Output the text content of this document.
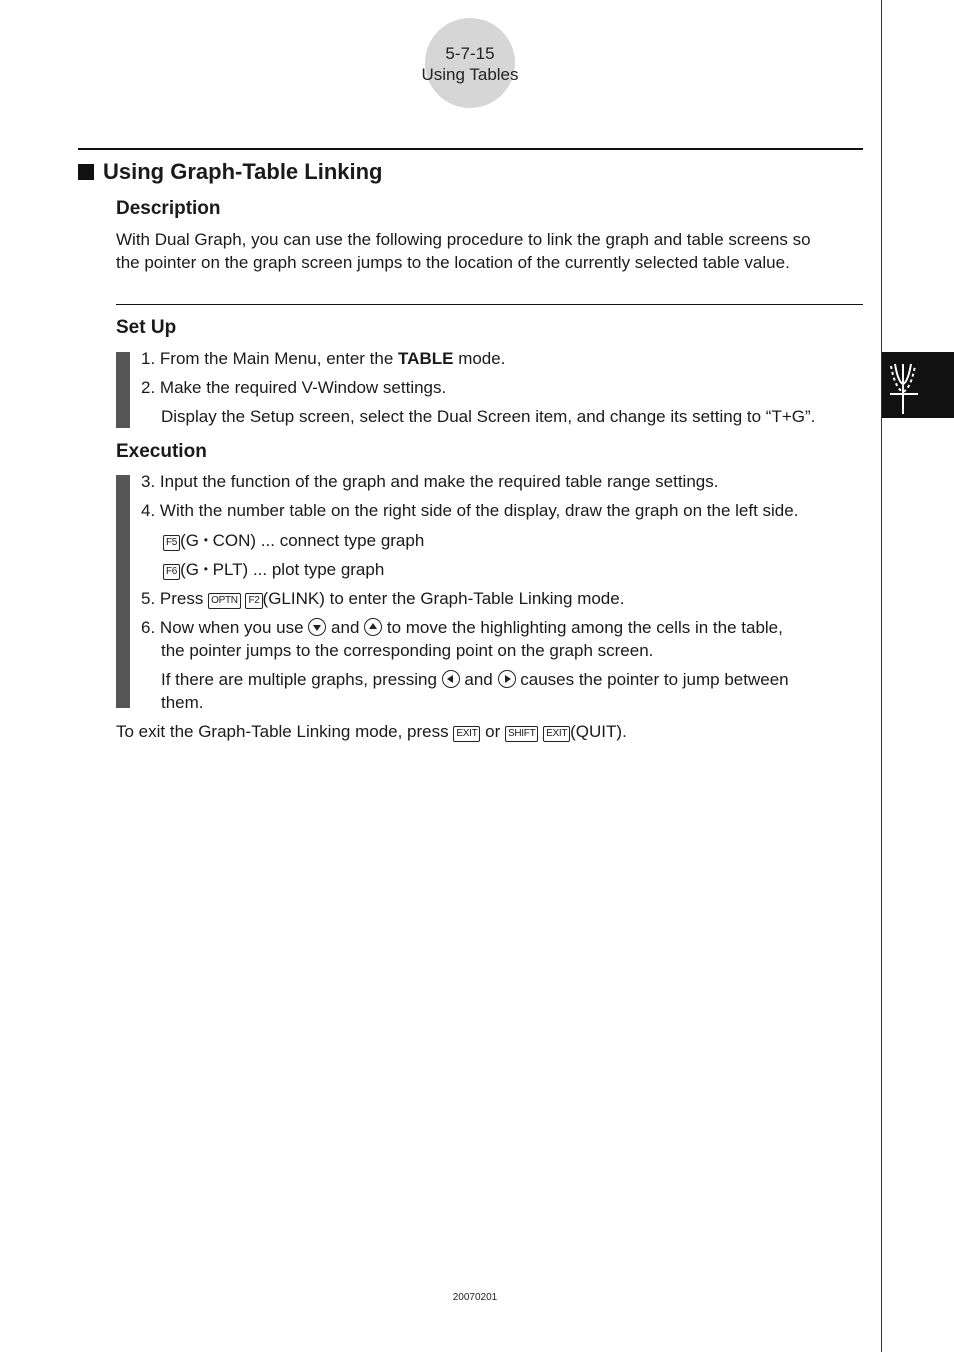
5-7-15
Using Tables
Using Graph-Table Linking
Description
With Dual Graph, you can use the following procedure to link the graph and table screens so
the pointer on the graph screen jumps to the location of the currently selected table value.
Set Up
1. From the Main Menu, enter the TABLE mode.
2. Make the required V-Window settings.
Display the Setup screen, select the Dual Screen item, and change its setting to “T+G”.
Execution
3. Input the function of the graph and make the required table range settings.
4. With the number table on the right side of the display, draw the graph on the left side.
F5 (G • CON) ... connect type graph
F6 (G • PLT) ... plot type graph
5. Press OPTN F2 (GLINK) to enter the Graph-Table Linking mode.
6. Now when you use and to move the highlighting among the cells in the table,
the pointer jumps to the corresponding point on the graph screen.
If there are multiple graphs, pressing and causes the pointer to jump between
them.
To exit the Graph-Table Linking mode, press EXIT or SHIFT EXIT (QUIT).
20070201
